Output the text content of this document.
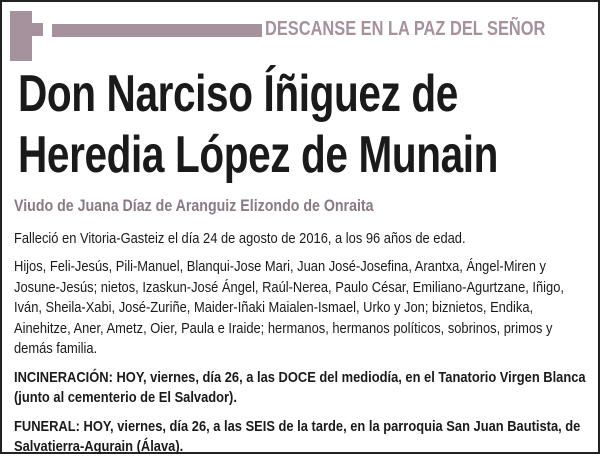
DESCANSE EN LA PAZ DEL SEÑOR
Don Narciso Íñiguez de
Heredia López de Munain
Viudo de Juana Díaz de Aranguiz Elizondo de Onraita

Falleció en Vitoria-Gasteiz el día 24 de agosto de 2016, a los 96 años de edad.

Hijos, Feli-Jesús, Pili-Manuel, Blanqui-Jose Mari, Juan José-Josefina, Arantxa, Ángel-Miren y Josune-Jesús; nietos, Izaskun-José Ángel, Raúl-Nerea, Paulo César, Emiliano-Agurtzane, Iñigo, Iván, Sheila-Xabi, José-Zuriñe, Maider-Iñaki Maialen-Ismael, Urko y Jon; biznietos, Endika, Ainehitze, Aner, Ametz, Oier, Paula e Iraide; hermanos, hermanos políticos, sobrinos, primos y demás familia.

INCINERACIÓN: HOY, viernes, día 26, a las DOCE del mediodía, en el Tanatorio Virgen Blanca (junto al cementerio de El Salvador).

FUNERAL: HOY, viernes, día 26, a las SEIS de la tarde, en la parroquia San Juan Bautista, de Salvatierra-Agurain (Álava).
